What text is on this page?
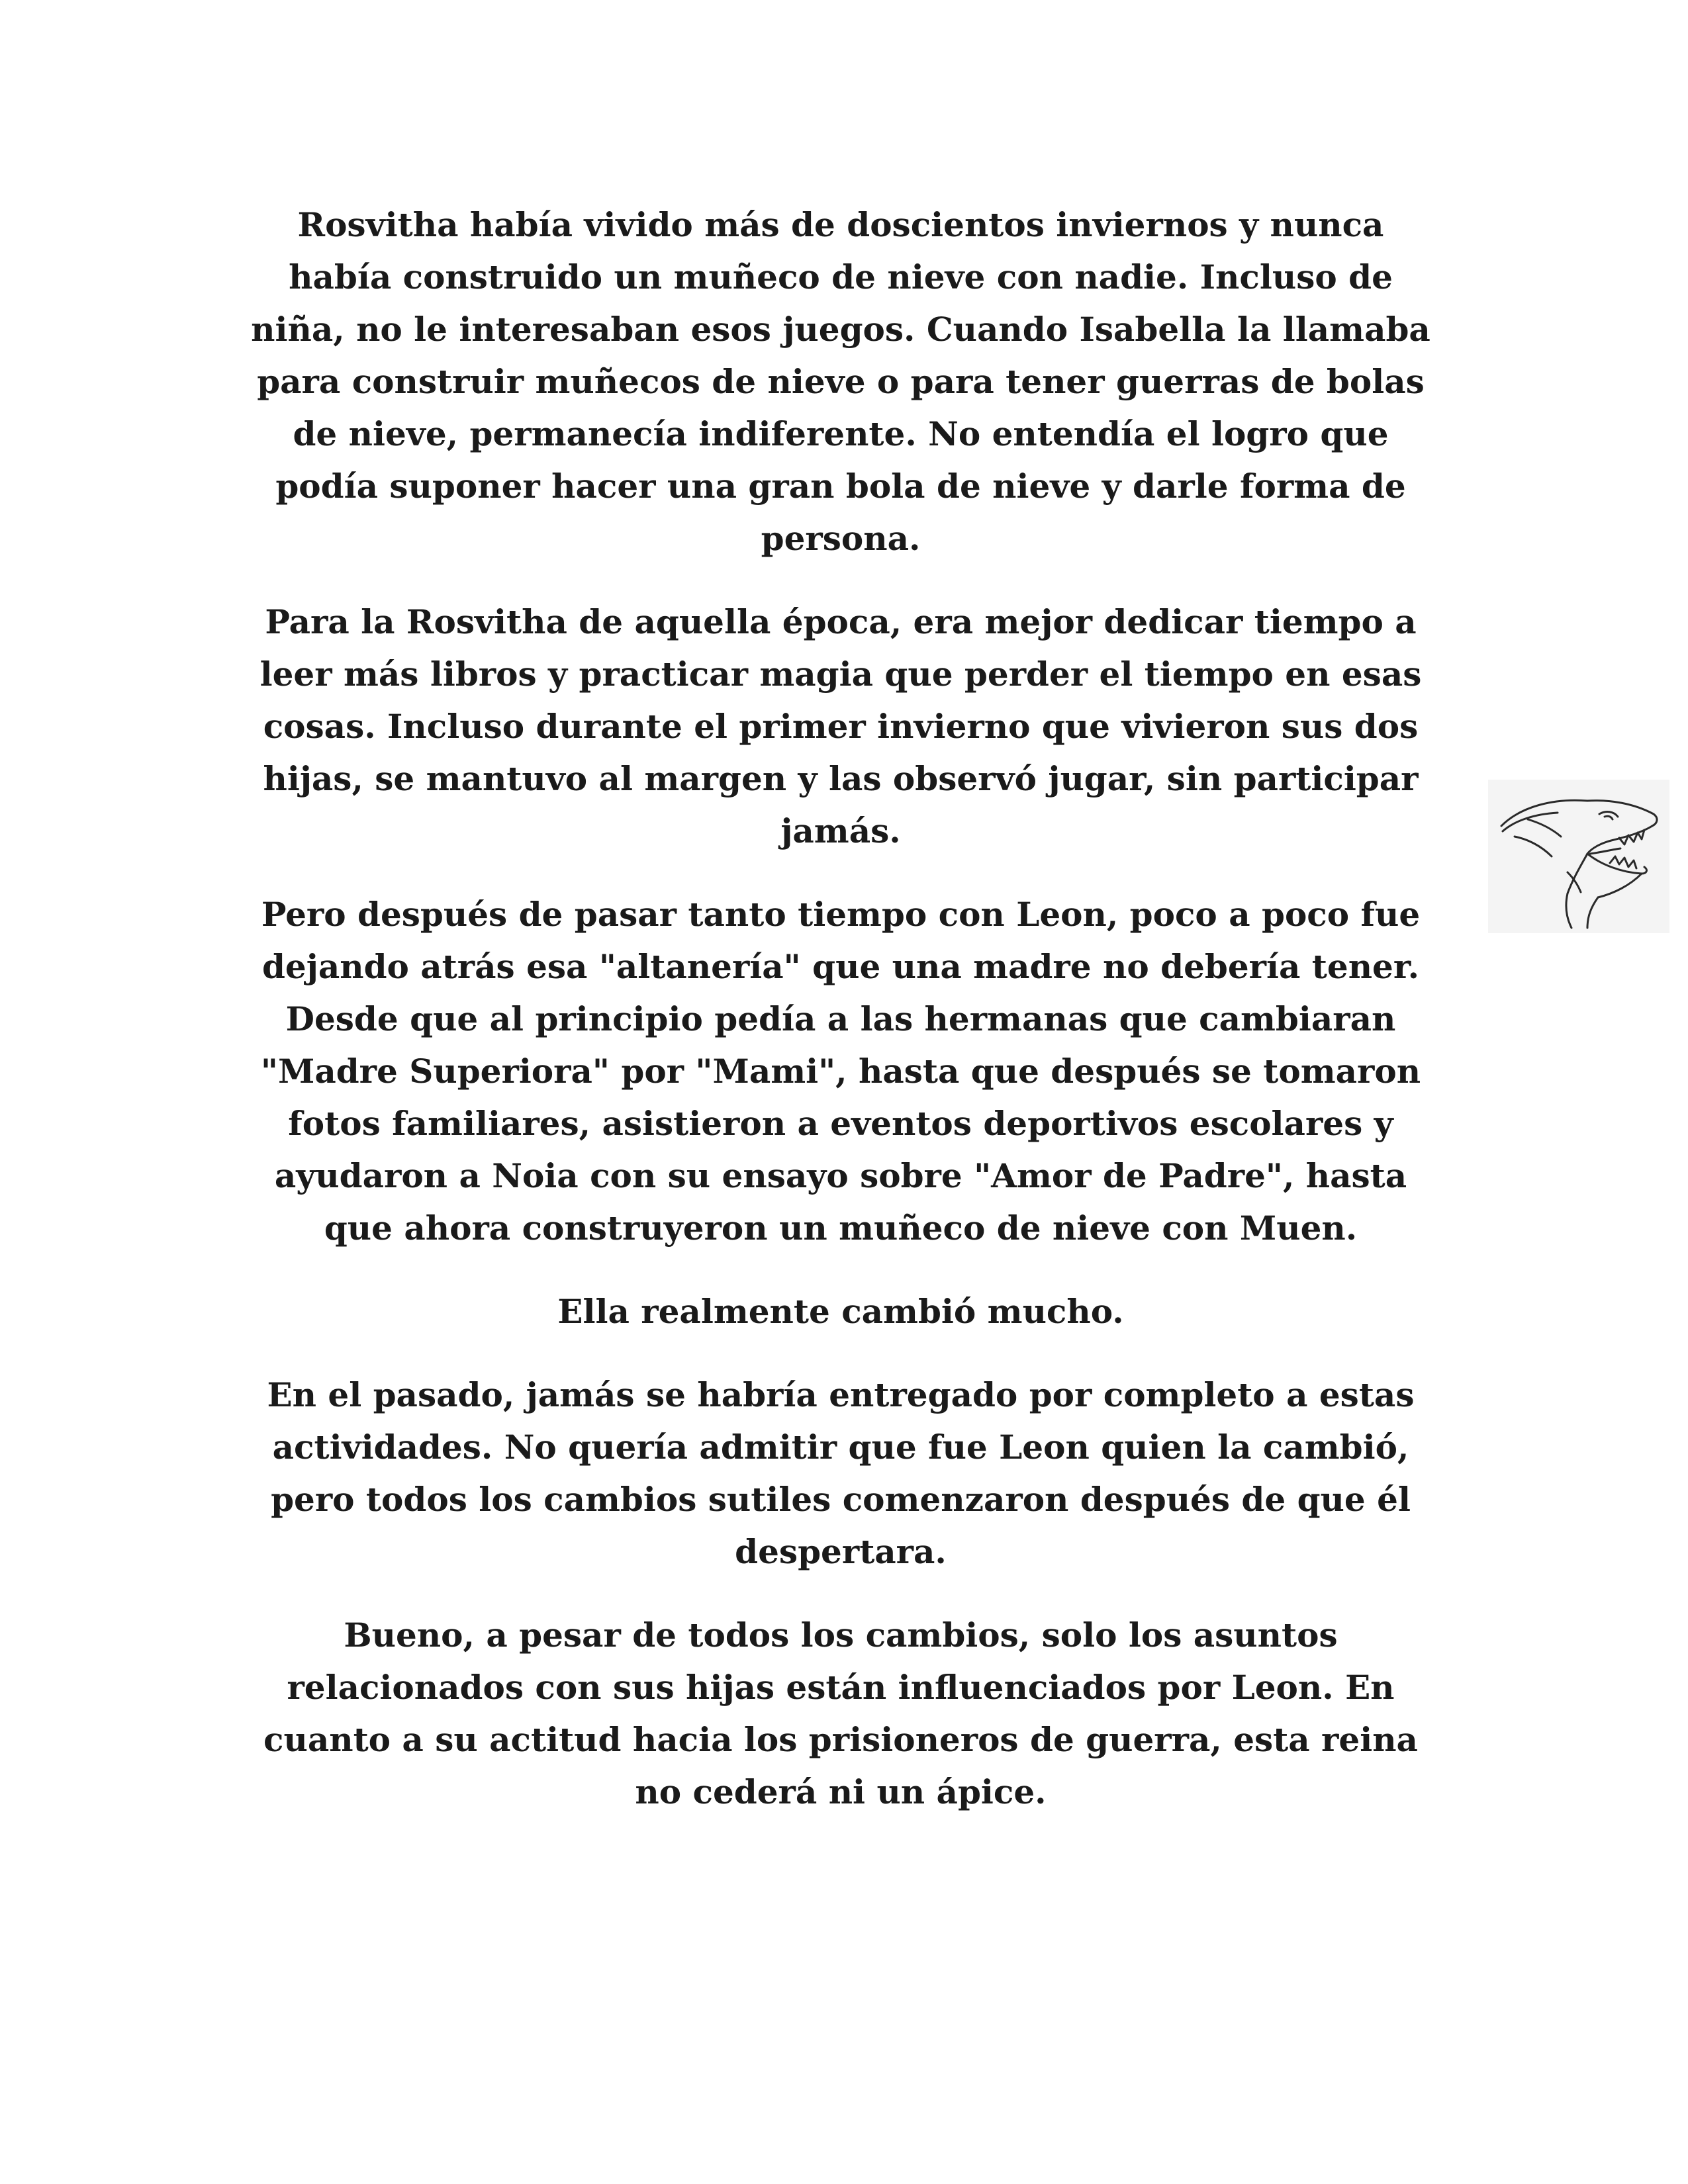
Rosvitha había vivido más de doscientos inviernos y nunca
había construido un muñeco de nieve con nadie. Incluso de
niña, no le interesaban esos juegos. Cuando Isabella la llamaba
para construir muñecos de nieve o para tener guerras de bolas
de nieve, permanecía indiferente. No entendía el logro que
podía suponer hacer una gran bola de nieve y darle forma de
persona.

Para la Rosvitha de aquella época, era mejor dedicar tiempo a
leer más libros y practicar magia que perder el tiempo en esas
cosas. Incluso durante el primer invierno que vivieron sus dos
hijas, se mantuvo al margen y las observó jugar, sin participar
jamás.

Pero después de pasar tanto tiempo con Leon, poco a poco fue
dejando atrás esa "altanería" que una madre no debería tener.
Desde que al principio pedía a las hermanas que cambiaran
"Madre Superiora" por "Mami", hasta que después se tomaron
fotos familiares, asistieron a eventos deportivos escolares y
ayudaron a Noia con su ensayo sobre "Amor de Padre", hasta
que ahora construyeron un muñeco de nieve con Muen.

Ella realmente cambió mucho.

En el pasado, jamás se habría entregado por completo a estas
actividades. No quería admitir que fue Leon quien la cambió,
pero todos los cambios sutiles comenzaron después de que él
despertara.

Bueno, a pesar de todos los cambios, solo los asuntos
relacionados con sus hijas están influenciados por Leon. En
cuanto a su actitud hacia los prisioneros de guerra, esta reina
no cederá ni un ápice.
